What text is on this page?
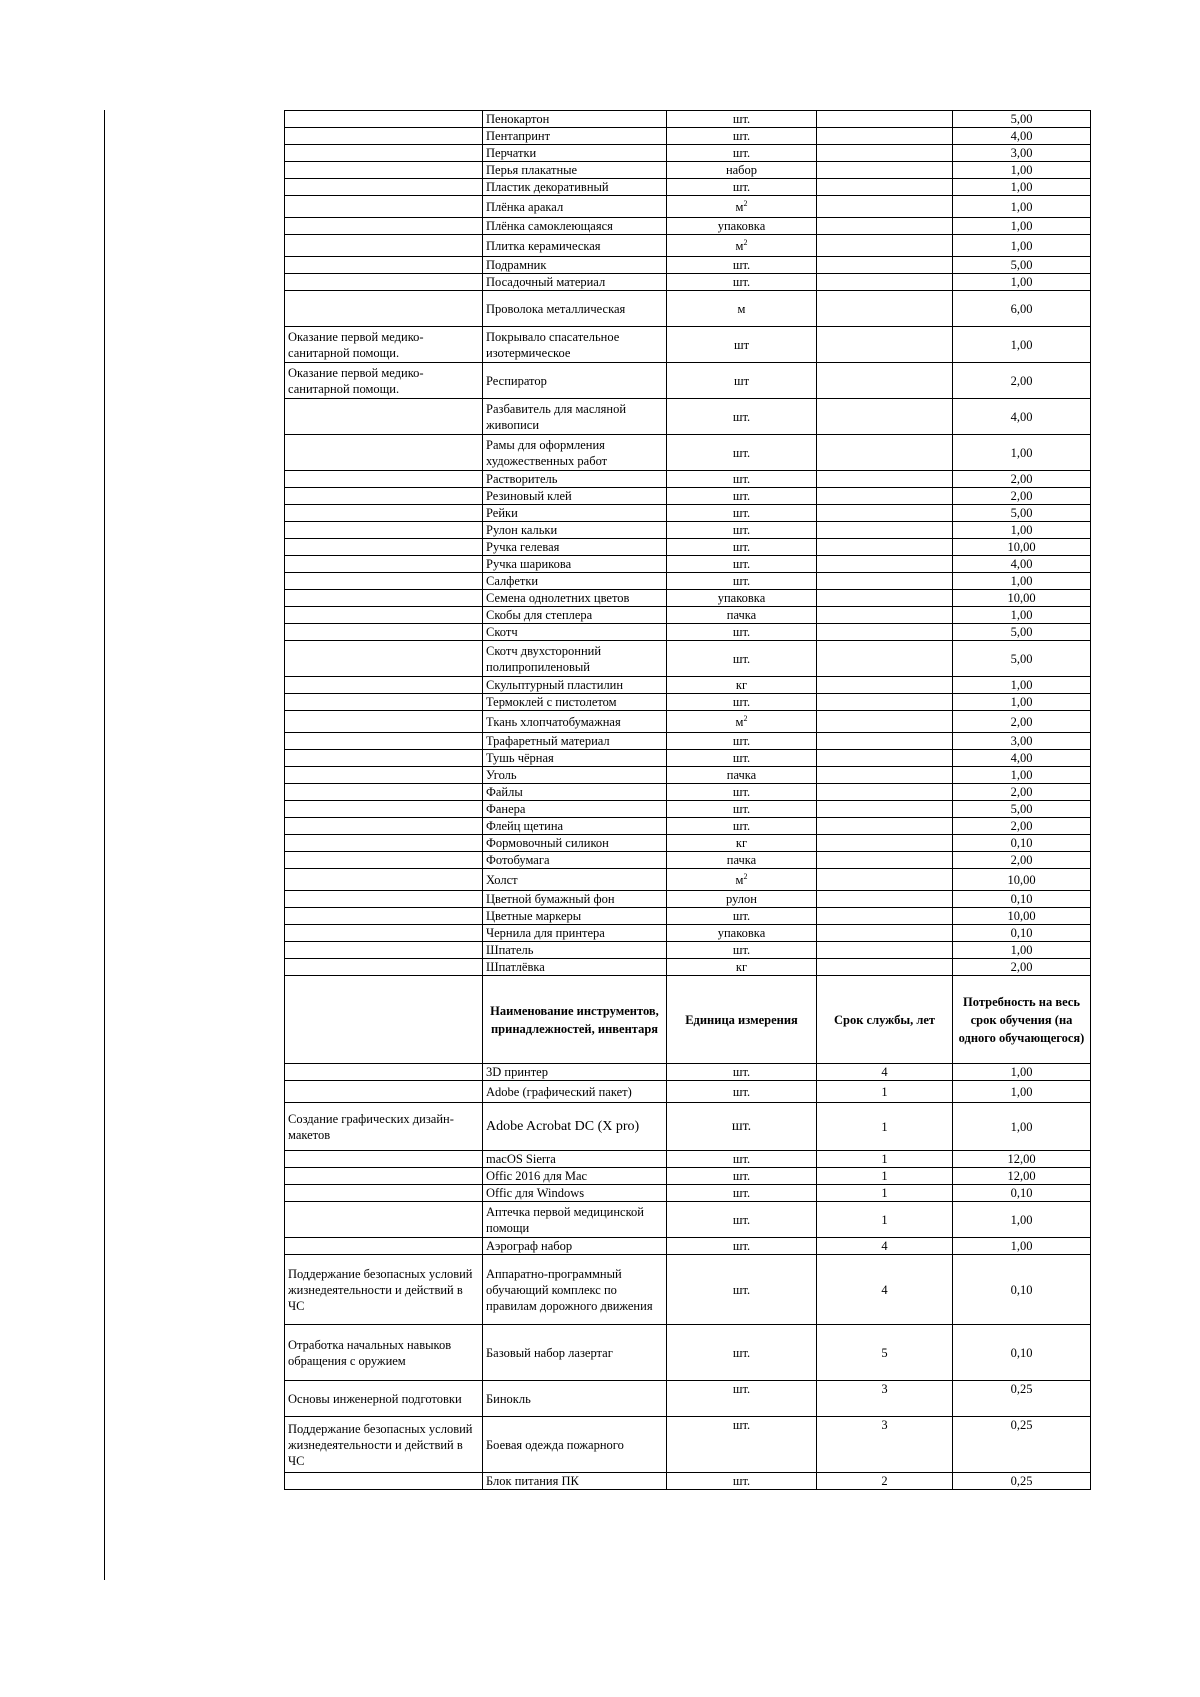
	Пенокартон	шт.		5,00
	Пентапринт	шт.		4,00
	Перчатки	шт.		3,00
	Перья плакатные	набор		1,00
	Пластик декоративный	шт.		1,00
	Плёнка аракал	$м^2$		1,00
	Плёнка самоклеющаяся	упаковка		1,00
	Плитка керамическая	$м^2$		1,00
	Подрамник	шт.		5,00
	Посадочный материал	шт.		1,00
	Проволока металлическая	м		6,00
Оказание первой медико-санитарной помощи.	Покрывало спасательное изотермическое	шт		1,00
Оказание первой медико-санитарной помощи.	Респиратор	шт		2,00
	Разбавитель для масляной живописи	шт.		4,00
	Рамы для оформления художественных работ	шт.		1,00
	Растворитель	шт.		2,00
	Резиновый клей	шт.		2,00
	Рейки	шт.		5,00
	Рулон кальки	шт.		1,00
	Ручка гелевая	шт.		10,00
	Ручка шарикова	шт.		4,00
	Салфетки	шт.		1,00
	Семена однолетних цветов	упаковка		10,00
	Скобы для степлера	пачка		1,00
	Скотч	шт.		5,00
	Скотч двухсторонний полипропиленовый	шт.		5,00
	Скульптурный пластилин	кг		1,00
	Термоклей с пистолетом	шт.		1,00
	Ткань хлопчатобумажная	$м^2$		2,00
	Трафаретный материал	шт.		3,00
	Тушь чёрная	шт.		4,00
	Уголь	пачка		1,00
	Файлы	шт.		2,00
	Фанера	шт.		5,00
	Флейц щетина	шт.		2,00
	Формовочный силикон	кг		0,10
	Фотобумага	пачка		2,00
	Холст	$м^2$		10,00
	Цветной бумажный фон	рулон		0,10
	Цветные маркеры	шт.		10,00
	Чернила для принтера	упаковка		0,10
	Шпатель	шт.		1,00
	Шпатлёвка	кг		2,00
	Наименование инструментов, принадлежностей, инвентаря	Единица измерения	Срок службы, лет	Потребность на весь срок обучения (на одного обучающегося)
	3D принтер	шт.	4	1,00
	Adobe (графический пакет)	шт.	1	1,00
Создание графических дизайн-макетов	Adobe Acrobat DC (X pro)	шт.	1	1,00
	macOS Sierra	шт.	1	12,00
	Offic 2016 для Mac	шт.	1	12,00
	Offic для Windows	шт.	1	0,10
	Аптечка первой медицинской помощи	шт.	1	1,00
	Аэрограф набор	шт.	4	1,00
Поддержание безопасных условий жизнедеятельности и действий в ЧС	Аппаратно-программный обучающий комплекс по правилам дорожного движения	шт.	4	0,10
Отработка начальных навыков обращения с оружием	Базовый набор лазертаг	шт.	5	0,10
Основы инженерной подготовки	Бинокль	шт.	3	0,25
Поддержание безопасных условий жизнедеятельности и действий в ЧС	Боевая одежда пожарного	шт.	3	0,25
	Блок питания ПК	шт.	2	0,25
